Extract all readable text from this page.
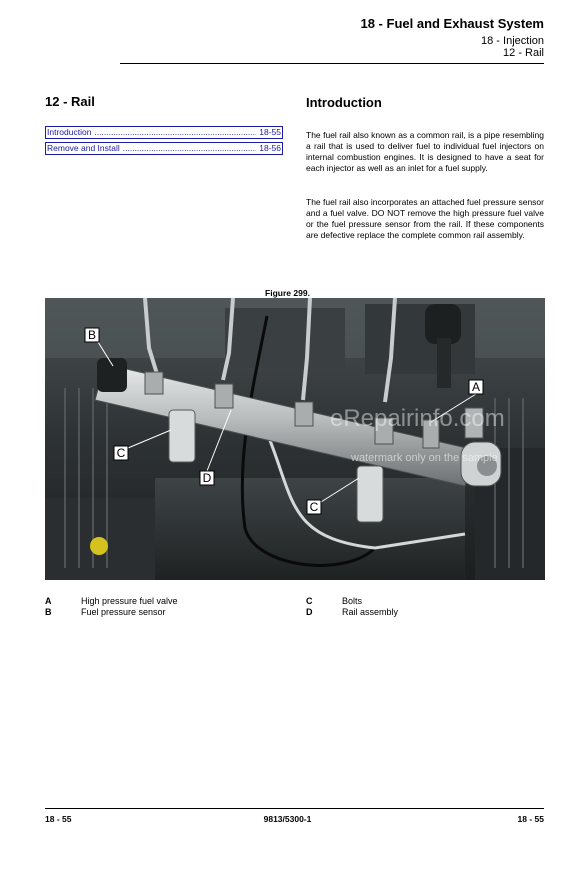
18 - Fuel and Exhaust System
18 - Injection
12 - Rail
12 - Rail
Introduction .....	18-55
Remove and Install .....	18-56
Introduction
The fuel rail also known as a common rail, is a pipe resembling a rail that is used to deliver fuel to individual fuel injectors on internal combustion engines. It is designed to have a seat for each injector as well as an inlet for a fuel supply.
The fuel rail also incorporates an attached fuel pressure sensor and a fuel valve. DO NOT remove the high pressure fuel valve or the fuel pressure sensor from the rail. If these components are defective replace the complete common rail assembly.
Figure 299.
A
B
C
D
C
eRepairinfo.com
watermark only on the sample
A	High pressure fuel valve
B	Fuel pressure sensor
C	Bolts
D	Rail assembly
18 - 55	9813/5300-1	18 - 55
